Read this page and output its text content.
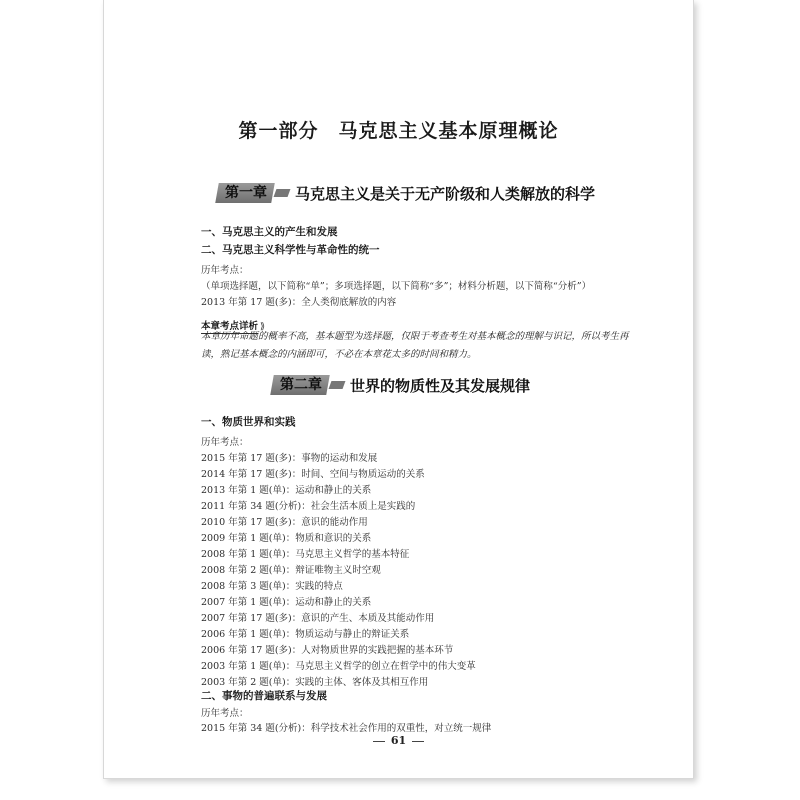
第一部分　马克思主义基本原理概论
第一章	马克思主义是关于无产阶级和人类解放的科学
一、马克思主义的产生和发展
二、马克思主义科学性与革命性的统一
历年考点：
（单项选择题，以下简称“单”；多项选择题，以下简称“多”；材料分析题，以下简称“分析”）
2013 年第 17 题(多)：全人类彻底解放的内容
本章考点详析 ⟫
本章历年命题的概率不高，基本题型为选择题，仅限于考查考生对基本概念的理解与识记，所以考生再读，熟记基本概念的内涵即可，不必在本章花太多的时间和精力。
第二章	世界的物质性及其发展规律
一、物质世界和实践
历年考点：
2015 年第 17 题(多)：事物的运动和发展
2014 年第 17 题(多)：时间、空间与物质运动的关系
2013 年第 1 题(单)：运动和静止的关系
2011 年第 34 题(分析)：社会生活本质上是实践的
2010 年第 17 题(多)：意识的能动作用
2009 年第 1 题(单)：物质和意识的关系
2008 年第 1 题(单)：马克思主义哲学的基本特征
2008 年第 2 题(单)：辩证唯物主义时空观
2008 年第 3 题(单)：实践的特点
2007 年第 1 题(单)：运动和静止的关系
2007 年第 17 题(多)：意识的产生、本质及其能动作用
2006 年第 1 题(单)：物质运动与静止的辩证关系
2006 年第 17 题(多)：人对物质世界的实践把握的基本环节
2003 年第 1 题(单)：马克思主义哲学的创立在哲学中的伟大变革
2003 年第 2 题(单)：实践的主体、客体及其相互作用
二、事物的普遍联系与发展
历年考点：
2015 年第 34 题(分析)：科学技术社会作用的双重性，对立统一规律
61
